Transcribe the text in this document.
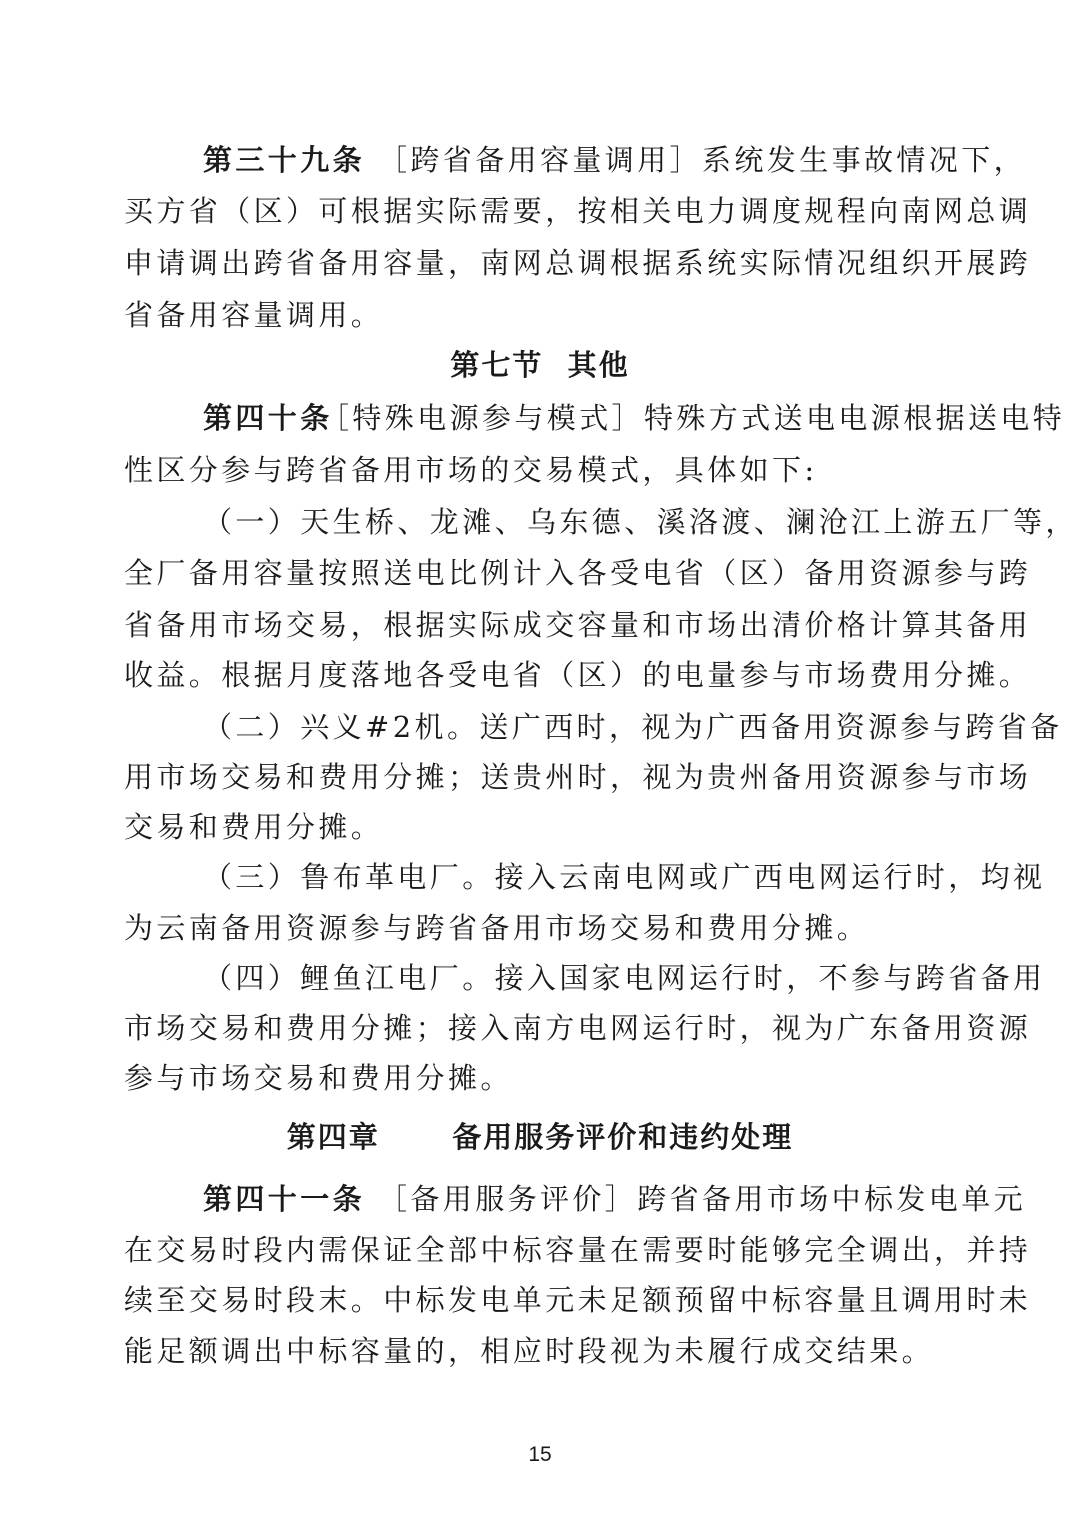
第三十九条 ［跨省备用容量调用］系统发生事故情况下，
买方省（区）可根据实际需要，按相关电力调度规程向南网总调
申请调出跨省备用容量，南网总调根据系统实际情况组织开展跨
省备用容量调用。
第七节  其他
第四十条
［特殊电源参与模式］特殊方式送电电源根据送电特
性区分参与跨省备用市场的交易模式，具体如下:
（一）天生桥、龙滩、乌东德、溪洛渡、澜沧江上游五厂等，
全厂备用容量按照送电比例计入各受电省（区）备用资源参与跨
省备用市场交易，根据实际成交容量和市场出清价格计算其备用
收益。根据月度落地各受电省（区）的电量参与市场费用分摊。
（二）兴义#2机。送广西时，视为广西备用资源参与跨省备
用市场交易和费用分摊；送贵州时，视为贵州备用资源参与市场
交易和费用分摊。
（三）鲁布革电厂。接入云南电网或广西电网运行时，均视
为云南备用资源参与跨省备用市场交易和费用分摊。
（四）鲤鱼江电厂。接入国家电网运行时，不参与跨省备用
市场交易和费用分摊；接入南方电网运行时，视为广东备用资源
参与市场交易和费用分摊。
第四章      备用服务评价和违约处理
第四十一条 ［备用服务评价］跨省备用市场中标发电单元
在交易时段内需保证全部中标容量在需要时能够完全调出，并持
续至交易时段末。中标发电单元未足额预留中标容量且调用时未
能足额调出中标容量的，相应时段视为未履行成交结果。
15
